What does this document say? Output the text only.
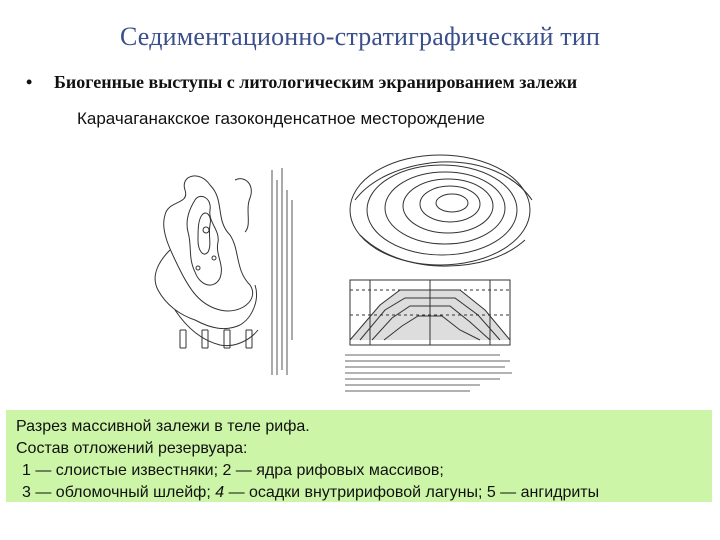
Седиментационно-стратиграфический тип
• Биогенные выступы с литологическим экранированием залежи
Карачаганакское газоконденсатное месторождение
Разрез массивной залежи в теле рифа.
Состав отложений резервуара:
1 — слоистые известняки; 2 — ядра рифовых массивов;
3 — обломочный шлейф; 4 — осадки внутририфовой лагуны; 5 — ангидриты
